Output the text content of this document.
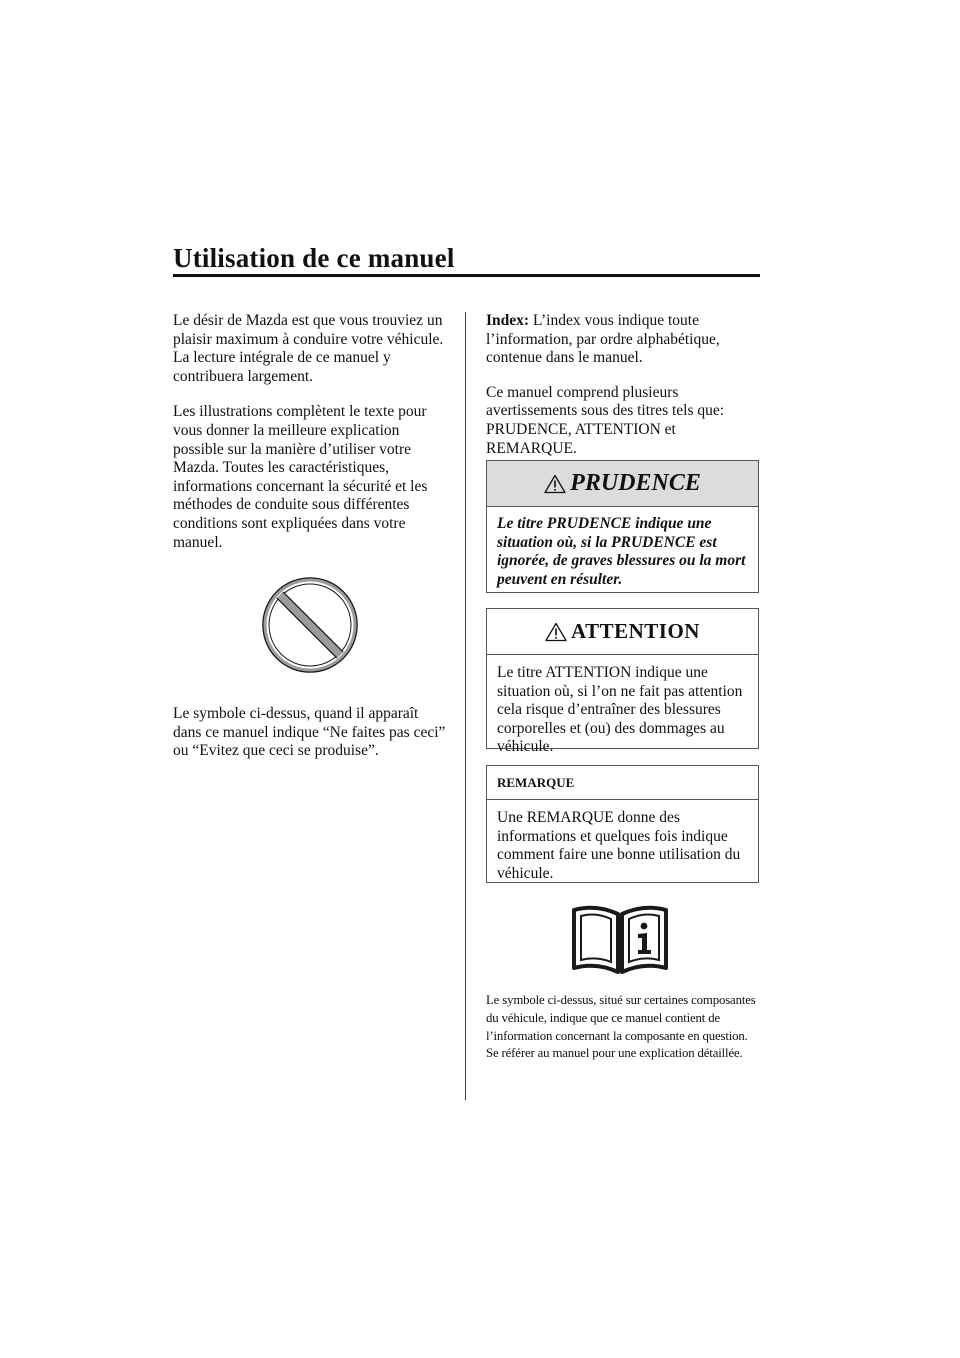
Utilisation de ce manuel

Le désir de Mazda est que vous trouviez un plaisir maximum à conduire votre véhicule. La lecture intégrale de ce manuel y contribuera largement.

Les illustrations complètent le texte pour vous donner la meilleure explication possible sur la manière d’utiliser votre Mazda. Toutes les caractéristiques, informations concernant la sécurité et les méthodes de conduite sous différentes conditions sont expliquées dans votre manuel.

Le symbole ci-dessus, quand il apparaît dans ce manuel indique “Ne faites pas ceci” ou “Evitez que ceci se produise”.

Index: L’index vous indique toute l’information, par ordre alphabétique, contenue dans le manuel.

Ce manuel comprend plusieurs avertissements sous des titres tels que: PRUDENCE, ATTENTION et REMARQUE.

PRUDENCE
Le titre PRUDENCE indique une situation où, si la PRUDENCE est ignorée, de graves blessures ou la mort peuvent en résulter.
ATTENTION
Le titre ATTENTION indique une situation où, si l’on ne fait pas attention cela risque d’entraîner des blessures corporelles et (ou) des dommages au véhicule.
REMARQUE
Une REMARQUE donne des informations et quelques fois indique comment faire une bonne utilisation du véhicule.

Le symbole ci-dessus, situé sur certaines composantes du véhicule, indique que ce manuel contient de l’information concernant la composante en question.

Se référer au manuel pour une explication détaillée.
